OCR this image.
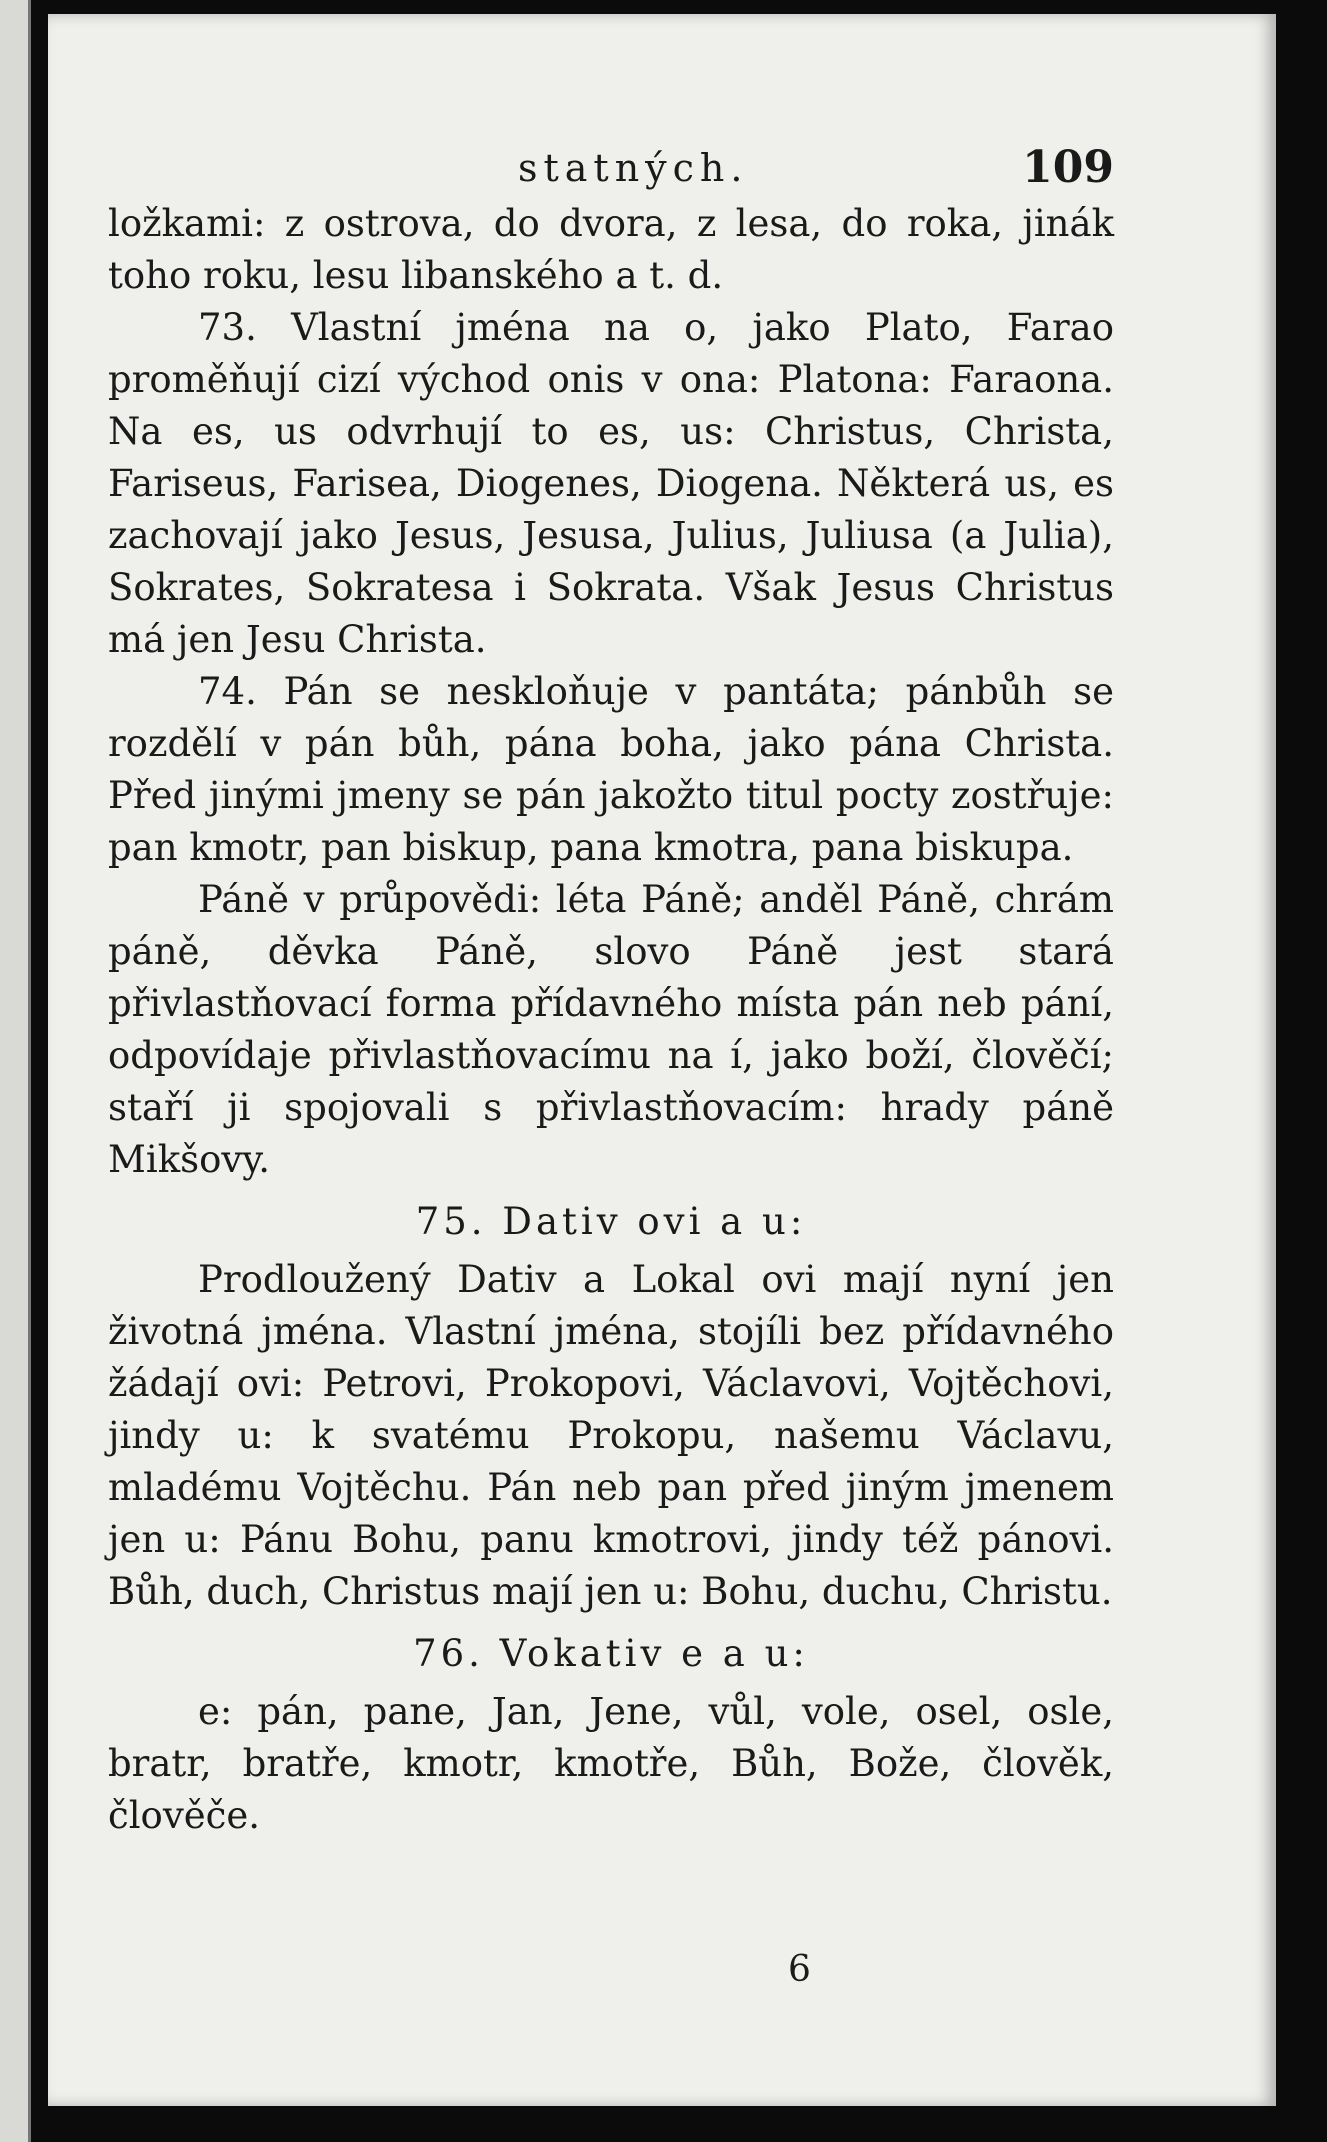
statných.	109

ložkami: z ostrova, do dvora, z lesa, do roka, jinák toho roku, lesu libanského a t. d.

73. Vlastní jména na o, jako Plato, Farao proměňují cizí východ onis v ona: Platona: Faraona. Na es, us odvrhují to es, us: Christus, Christa, Fariseus, Farisea, Diogenes, Diogena. Některá us, es zachovají jako Jesus, Jesusa, Julius, Juliusa (a Julia), Sokrates, Sokratesa i Sokrata. Však Jesus Christus má jen Jesu Christa.

74. Pán se neskloňuje v pantáta; pánbůh se rozdělí v pán bůh, pána boha, jako pána Christa. Před jinými jmeny se pán jakožto titul pocty zostřuje: pan kmotr, pan biskup, pana kmotra, pana biskupa.

Páně v průpovědi: léta Páně; anděl Páně, chrám páně, děvka Páně, slovo Páně jest stará přivlastňovací forma přídavného místa pán neb pání, odpovídaje přivlastňovacímu na í, jako boží, člověčí; staří ji spojovali s přivlastňovacím: hrady páně Mikšovy.

75. Dativ ovi a u:

Prodloužený Dativ a Lokal ovi mají nyní jen životná jména. Vlastní jména, stojíli bez přídavného žádají ovi: Petrovi, Prokopovi, Václavovi, Vojtěchovi, jindy u: k svatému Prokopu, našemu Václavu, mladému Vojtěchu. Pán neb pan před jiným jmenem jen u: Pánu Bohu, panu kmotrovi, jindy též pánovi. Bůh, duch, Christus mají jen u: Bohu, duchu, Christu.

76. Vokativ e a u:

e: pán, pane, Jan, Jene, vůl, vole, osel, osle, bratr, bratře, kmotr, kmotře, Bůh, Bože, člověk, člověče.

6
